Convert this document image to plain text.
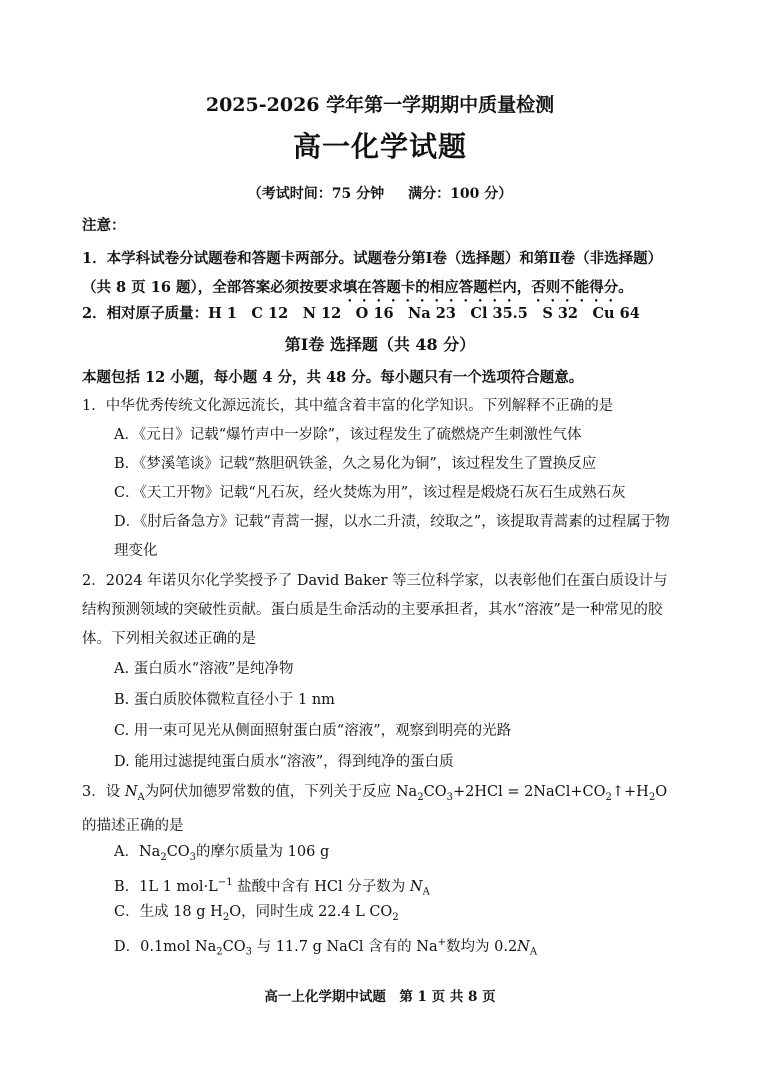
2025-2026 学年第一学期期中质量检测
高一化学试题
（考试时间：75 分钟 满分：100 分）
注意：
1．本学科试卷分试题卷和答题卡两部分。试题卷分第Ⅰ卷（选择题）和第Ⅱ卷（非选择题）（共 8 页 16 题），全部答案必须按要求填在答题卡的相应答题栏内，否则不能得分。
2．相对原子质量：H 1　C 12　N 12　O 16　Na 23　Cl 35.5　S 32　Cu 64
第Ⅰ卷 选择题（共 48 分）
本题包括 12 小题，每小题 4 分，共 48 分。每小题只有一个选项符合题意。
1．中华优秀传统文化源远流长，其中蕴含着丰富的化学知识。下列解释不正确的是
A．《元日》记载“爆竹声中一岁除”，该过程发生了硫燃烧产生刺激性气体
B．《梦溪笔谈》记载“熬胆矾铁釜，久之易化为铜”，该过程发生了置换反应
C．《天工开物》记载“凡石灰，经火焚炼为用”，该过程是煅烧石灰石生成熟石灰
D．《肘后备急方》记载“青蒿一握，以水二升渍，绞取之”，该提取青蒿素的过程属于物理变化
2．2024 年诺贝尔化学奖授予了 David Baker 等三位科学家，以表彰他们在蛋白质设计与结构预测领域的突破性贡献。蛋白质是生命活动的主要承担者，其水“溶液”是一种常见的胶体。下列相关叙述正确的是
A. 蛋白质水“溶液”是纯净物
B. 蛋白质胶体微粒直径小于 1 nm
C. 用一束可见光从侧面照射蛋白质“溶液”，观察到明亮的光路
D. 能用过滤提纯蛋白质水“溶液”，得到纯净的蛋白质
3．设 $N_A$为阿伏加德罗常数的值，下列关于反应 $Na_2CO_3+2HCl$ = $2NaCl+CO_2↑+H_2O$ 的描述正确的是
A．$Na_2CO_3$的摩尔质量为 106 g
B．1L 1 $mol\cdot L^{-1}$ 盐酸中含有 HCl 分子数为 $N_A$
C．生成 18 g $H_2O$，同时生成 22.4 L $CO_2$
D．0.1mol $Na_2CO_3$ 与 11.7 g NaCl 含有的 Na+数均为 $0.2N_A$
高一上化学期中试题　第 1 页 共 8 页
